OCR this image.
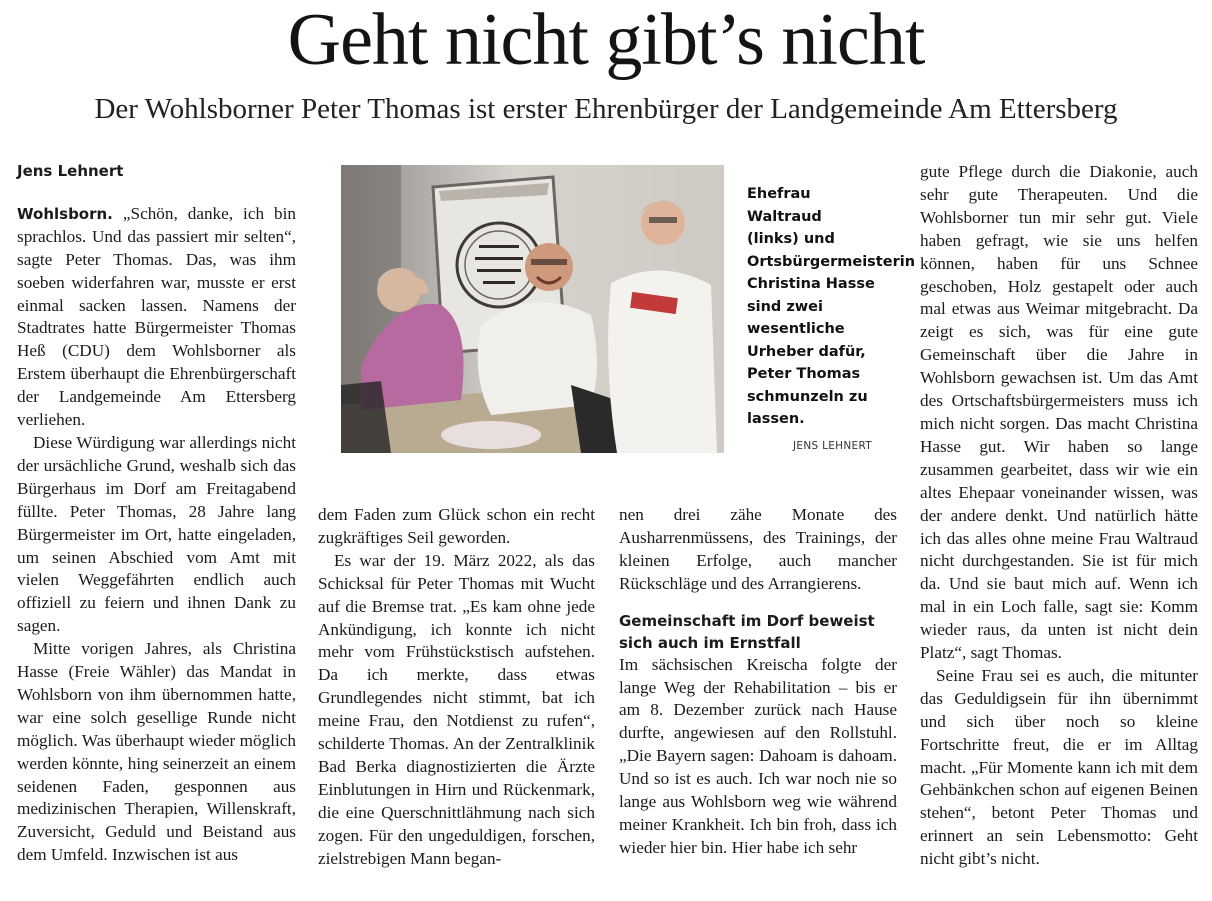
Geht nicht gibt’s nicht
Der Wohlsborner Peter Thomas ist erster Ehrenbürger der Landgemeinde Am Ettersberg

Jens Lehnert

Wohlsborn. „Schön, danke, ich bin sprachlos. Und das passiert mir selten“, sagte Peter Thomas. Das, was ihm soeben widerfahren war, musste er erst einmal sacken lassen. Namens der Stadtrates hatte Bürgermeister Thomas Heß (CDU) dem Wohlsborner als Erstem überhaupt die Ehrenbürgerschaft der Landgemeinde Am Ettersberg verliehen.

Diese Würdigung war allerdings nicht der ursächliche Grund, weshalb sich das Bürgerhaus im Dorf am Freitagabend füllte. Peter Thomas, 28 Jahre lang Bürgermeister im Ort, hatte eingeladen, um seinen Abschied vom Amt mit vielen Weggefährten endlich auch offiziell zu feiern und ihnen Dank zu sagen.

Mitte vorigen Jahres, als Christina Hasse (Freie Wähler) das Mandat in Wohlsborn von ihm übernommen hatte, war eine solch gesellige Runde nicht möglich. Was überhaupt wieder möglich werden könnte, hing seinerzeit an einem seidenen Faden, gesponnen aus medizinischen Therapien, Willenskraft, Zuversicht, Geduld und Beistand aus dem Umfeld. Inzwischen ist aus

Ehefrau Waltraud (links) und Ortsbürgermeisterin Christina Hasse sind zwei wesentliche Urheber dafür, Peter Thomas schmunzeln zu lassen.
JENS LEHNERT

dem Faden zum Glück schon ein recht zugkräftiges Seil geworden.

Es war der 19. März 2022, als das Schicksal für Peter Thomas mit Wucht auf die Bremse trat. „Es kam ohne jede Ankündigung, ich konnte ich nicht mehr vom Frühstückstisch aufstehen. Da ich merkte, dass etwas Grundlegendes nicht stimmt, bat ich meine Frau, den Notdienst zu rufen“, schilderte Thomas. An der Zentralklinik Bad Berka diagnostizierten die Ärzte Einblutungen in Hirn und Rückenmark, die eine Querschnittlähmung nach sich zogen. Für den ungeduldigen, forschen, zielstrebigen Mann began-

nen drei zähe Monate des Ausharrenmüssens, des Trainings, der kleinen Erfolge, auch mancher Rückschläge und des Arrangierens.

Gemeinschaft im Dorf beweist sich auch im Ernstfall

Im sächsischen Kreischa folgte der lange Weg der Rehabilitation – bis er am 8. Dezember zurück nach Hause durfte, angewiesen auf den Rollstuhl. „Die Bayern sagen: Dahoam is dahoam. Und so ist es auch. Ich war noch nie so lange aus Wohlsborn weg wie während meiner Krankheit. Ich bin froh, dass ich wieder hier bin. Hier habe ich sehr

gute Pflege durch die Diakonie, auch sehr gute Therapeuten. Und die Wohlsborner tun mir sehr gut. Viele haben gefragt, wie sie uns helfen können, haben für uns Schnee geschoben, Holz gestapelt oder auch mal etwas aus Weimar mitgebracht. Da zeigt es sich, was für eine gute Gemeinschaft über die Jahre in Wohlsborn gewachsen ist. Um das Amt des Ortschaftsbürgermeisters muss ich mich nicht sorgen. Das macht Christina Hasse gut. Wir haben so lange zusammen gearbeitet, dass wir wie ein altes Ehepaar voneinander wissen, was der andere denkt. Und natürlich hätte ich das alles ohne meine Frau Waltraud nicht durchgestanden. Sie ist für mich da. Und sie baut mich auf. Wenn ich mal in ein Loch falle, sagt sie: Komm wieder raus, da unten ist nicht dein Platz“, sagt Thomas.

Seine Frau sei es auch, die mitunter das Geduldigsein für ihn übernimmt und sich über noch so kleine Fortschritte freut, die er im Alltag macht. „Für Momente kann ich mit dem Gehbänkchen schon auf eigenen Beinen stehen“, betont Peter Thomas und erinnert an sein Lebensmotto: Geht nicht gibt’s nicht.
